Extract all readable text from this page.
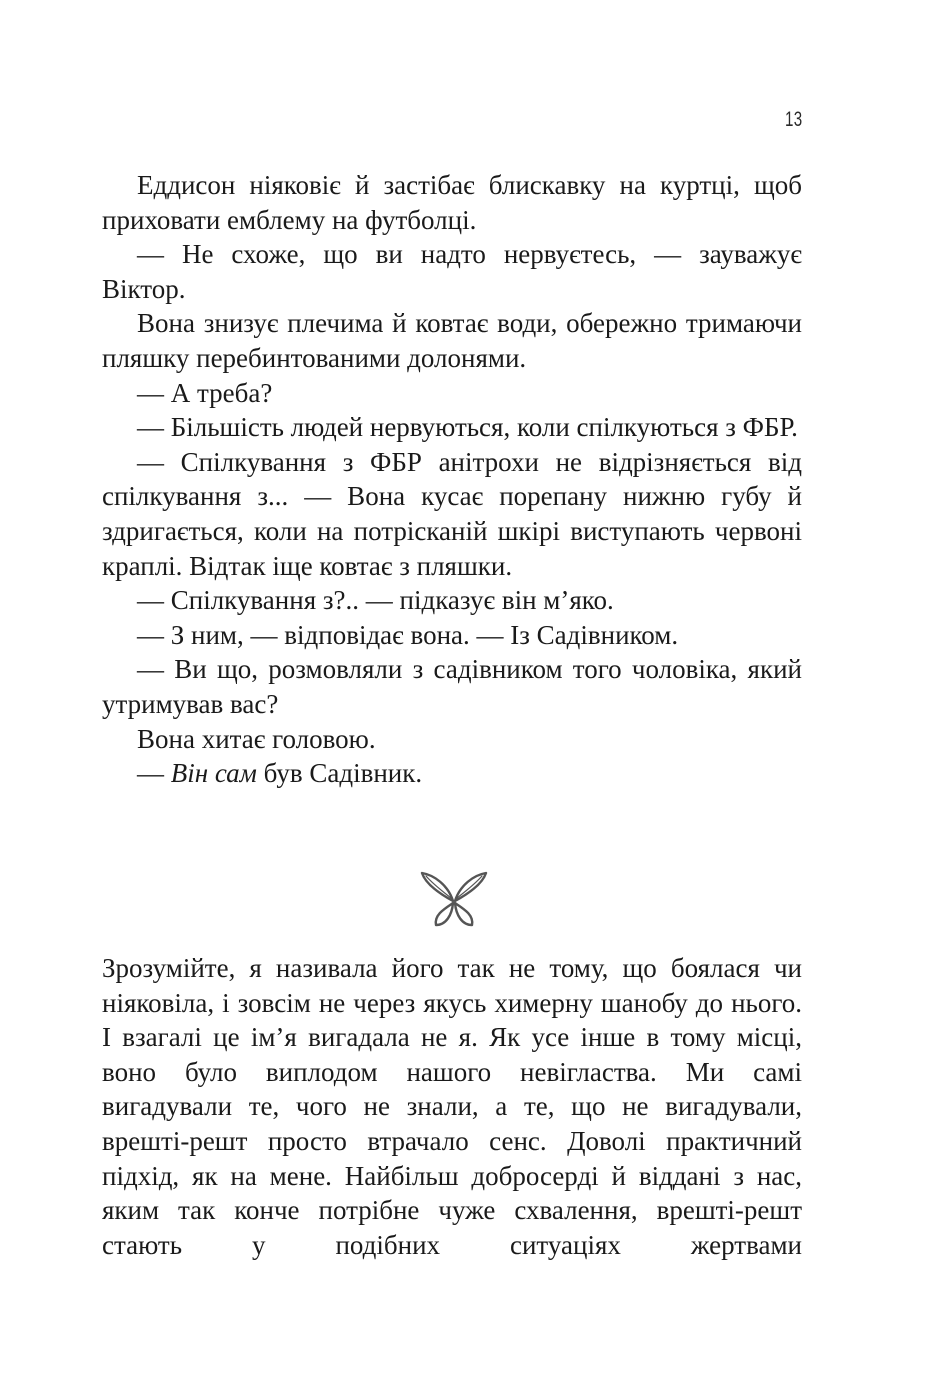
13

Еддисон ніяковіє й застібає блискавку на куртці, щоб приховати емблему на футболці.

— Не схоже, що ви надто нервуєтесь, — зауважує Віктор.

Вона знизує плечима й ковтає води, обережно тримаючи пляшку перебинтованими долонями.

— А треба?

— Більшість людей нервуються, коли спілкуються з ФБР.

— Спілкування з ФБР анітрохи не відрізняється від спілкування з... — Вона кусає порепану нижню губу й здригається, коли на потрісканій шкірі виступають червоні краплі. Відтак іще ковтає з пляшки.

— Спілкування з?.. — підказує він м’яко.

— З ним, — відповідає вона. — Із Садівником.

— Ви що, розмовляли з садівником того чоловіка, який утримував вас?

Вона хитає головою.

— Він сам був Садівник.

Зрозумійте, я називала його так не тому, що боялася чи ніяковіла, і зовсім не через якусь химерну шанобу до нього. І взагалі це ім’я вигадала не я. Як усе інше в тому місці, воно було виплодом нашого невігластва. Ми самі вигадували те, чого не знали, а те, що не вигадували, врешті-решт просто втрачало сенс. Доволі практичний підхід, як на мене. Найбільш добросерді й віддані з нас, яким так конче потрібне чуже схвалення, врешті-решт стають у подібних ситуаціях жертвами
